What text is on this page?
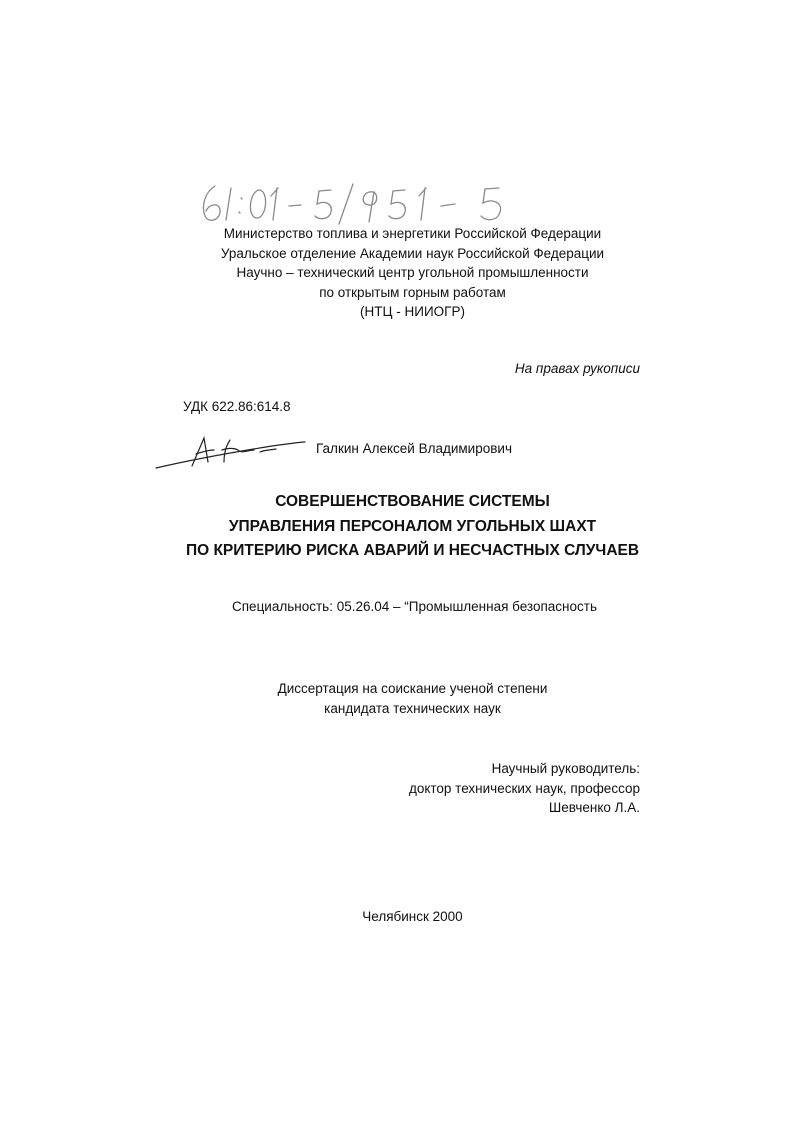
Министерство топлива и энергетики Российской Федерации
Уральское отделение Академии наук Российской Федерации
Научно – технический центр угольной промышленности
по открытым горным работам
(НТЦ - НИИОГР)
На правах рукописи
УДК 622.86:614.8
Галкин Алексей Владимирович
СОВЕРШЕНСТВОВАНИЕ СИСТЕМЫ
УПРАВЛЕНИЯ ПЕРСОНАЛОМ УГОЛЬНЫХ ШАХТ
ПО КРИТЕРИЮ РИСКА АВАРИЙ И НЕСЧАСТНЫХ СЛУЧАЕВ
Специальность: 05.26.04 – “Промышленная безопасность
Диссертация на соискание ученой степени
кандидата технических наук
Научный руководитель:
доктор технических наук, профессор
Шевченко Л.А.
Челябинск 2000
